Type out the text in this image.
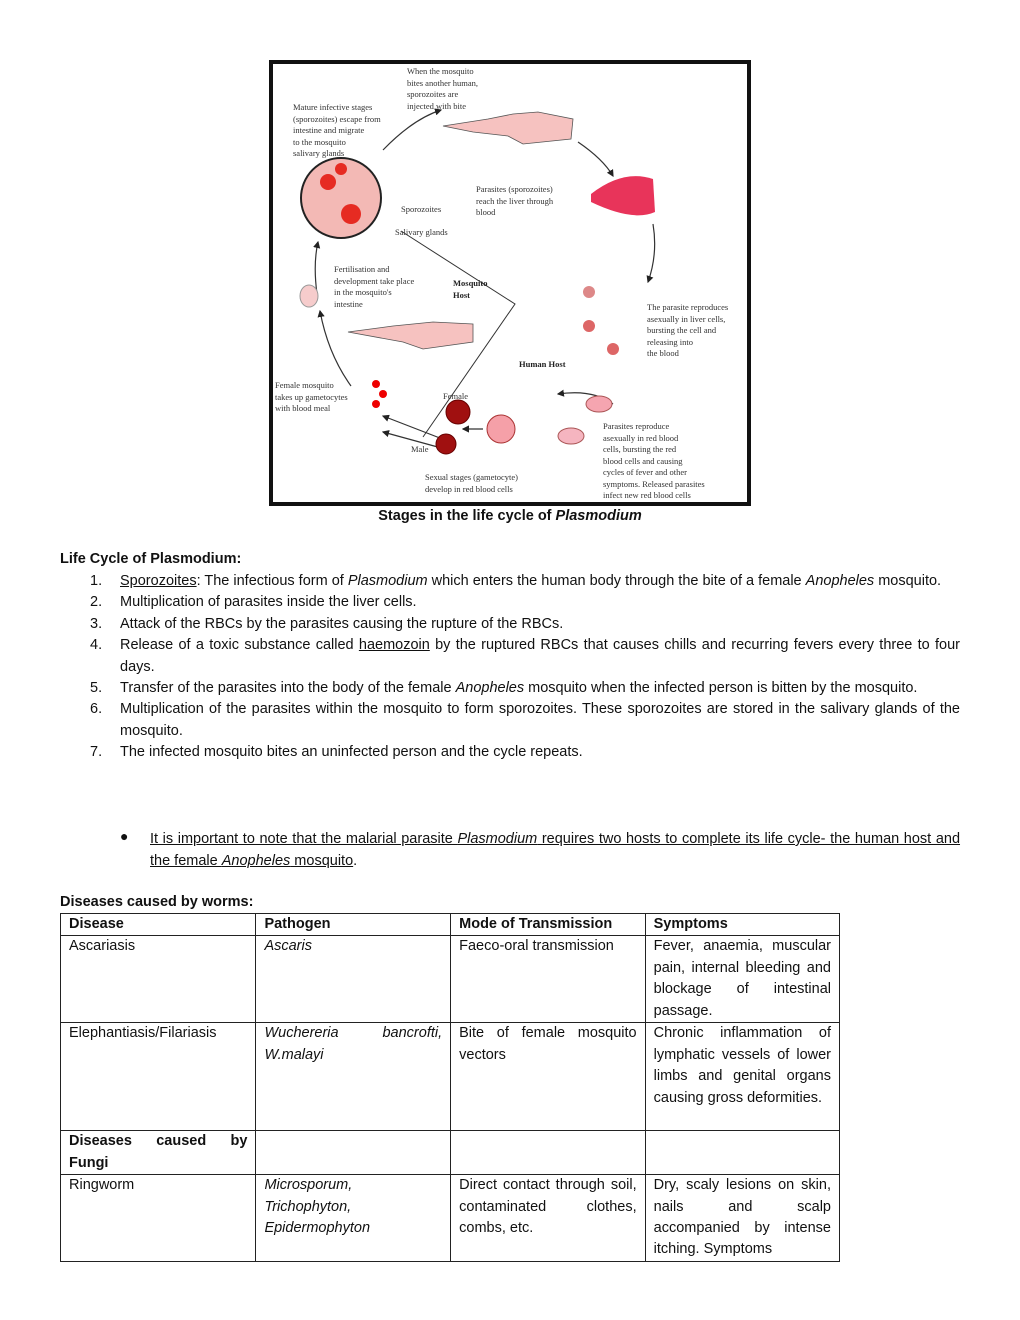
When the mosquito
bites another human,
sporozoites are
injected with bite
Mature infective stages
(sporozoites) escape from
intestine and migrate
to the mosquito
salivary glands
Sporozoites
Salivary glands
Parasites (sporozoites)
reach the liver through
blood
Fertilisation and
development take place
in the mosquito's
intestine
Mosquito
Host
Human Host
The parasite reproduces
asexually in liver cells,
bursting the cell and
releasing into
the blood
Female mosquito
takes up gametocytes
with blood meal
Female
Male
Parasites reproduce
asexually in red blood
cells, bursting the red
blood cells and causing
cycles of fever and other
symptoms. Released parasites
infect new red blood cells
Sexual stages (gametocyte)
develop in red blood cells
Stages in the life cycle of Plasmodium
Life Cycle of Plasmodium:
1. Sporozoites: The infectious form of Plasmodium which enters the human body through the bite of a female Anopheles mosquito.
2. Multiplication of parasites inside the liver cells.
3. Attack of the RBCs by the parasites causing the rupture of the RBCs.
4. Release of a toxic substance called haemozoin by the ruptured RBCs that causes chills and recurring fevers every three to four days.
5. Transfer of the parasites into the body of the female Anopheles mosquito when the infected person is bitten by the mosquito.
6. Multiplication of the parasites within the mosquito to form sporozoites. These sporozoites are stored in the salivary glands of the mosquito.
7. The infected mosquito bites an uninfected person and the cycle repeats.
● It is important to note that the malarial parasite Plasmodium requires two hosts to complete its life cycle- the human host and the female Anopheles mosquito.
Diseases caused by worms:
Disease	Pathogen	Mode of Transmission	Symptoms
Ascariasis	Ascaris	Faeco-oral transmission	Fever, anaemia, muscular pain, internal bleeding and blockage of intestinal passage.
Elephantiasis/Filariasis	Wuchereria bancrofti, W.malayi	Bite of female mosquito vectors	Chronic inflammation of lymphatic vessels of lower limbs and genital organs causing gross deformities.
Diseases caused by Fungi			
Ringworm	Microsporum, Trichophyton, Epidermophyton	Direct contact through soil, contaminated clothes, combs, etc.	Dry, scaly lesions on skin, nails and scalp accompanied by intense itching. Symptoms
